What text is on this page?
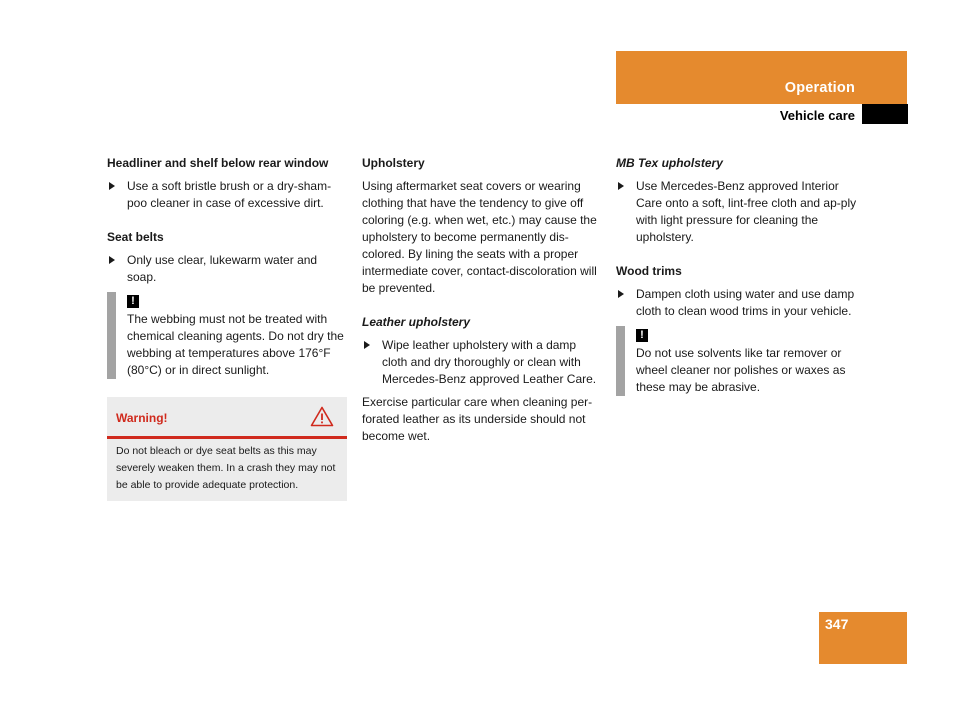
Operation
Vehicle care
Headliner and shelf below rear window
Use a soft bristle brush or a dry-sham-poo cleaner in case of excessive dirt.
Seat belts
Only use clear, lukewarm water and soap.
!
The webbing must not be treated with chemical cleaning agents. Do not dry the webbing at temperatures above 176°F (80°C) or in direct sunlight.
Warning!
Do not bleach or dye seat belts as this may severely weaken them. In a crash they may not be able to provide adequate protection.
Upholstery
Using aftermarket seat covers or wearing clothing that have the tendency to give off coloring (e.g. when wet, etc.) may cause the upholstery to become permanently dis-colored. By lining the seats with a proper intermediate cover, contact-discoloration will be prevented.
Leather upholstery
Wipe leather upholstery with a damp cloth and dry thoroughly or clean with Mercedes-Benz approved Leather Care.
Exercise particular care when cleaning per-forated leather as its underside should not become wet.
MB Tex upholstery
Use Mercedes-Benz approved Interior Care onto a soft, lint-free cloth and ap-ply with light pressure for cleaning the upholstery.
Wood trims
Dampen cloth using water and use damp cloth to clean wood trims in your vehicle.
!
Do not use solvents like tar remover or wheel cleaner nor polishes or waxes as these may be abrasive.
347
